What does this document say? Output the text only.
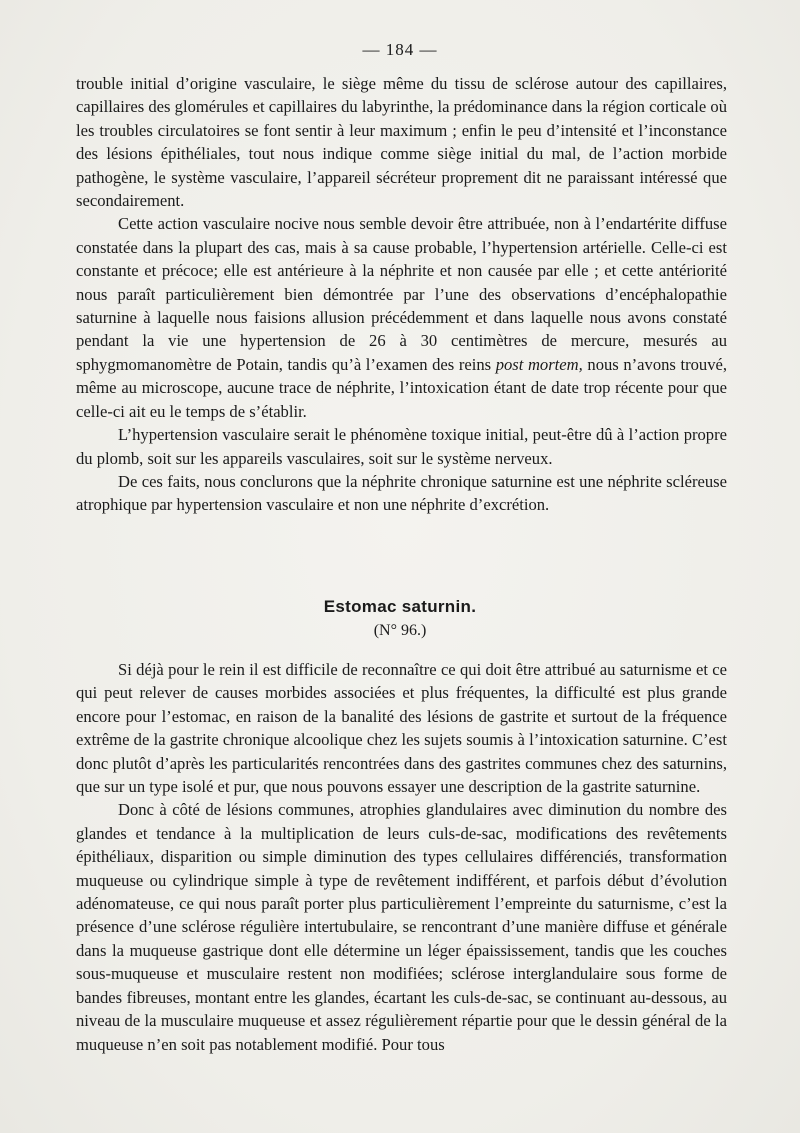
— 184 —

trouble initial d’origine vasculaire, le siège même du tissu de sclérose autour des capillaires, capillaires des glomérules et capillaires du labyrinthe, la prédominance dans la région corticale où les troubles circulatoires se font sentir à leur maximum ; enfin le peu d’intensité et l’inconstance des lésions épithéliales, tout nous indique comme siège initial du mal, de l’action morbide pathogène, le système vasculaire, l’appareil sécréteur proprement dit ne paraissant intéressé que secondairement.

Cette action vasculaire nocive nous semble devoir être attribuée, non à l’endartérite diffuse constatée dans la plupart des cas, mais à sa cause probable, l’hypertension artérielle. Celle-ci est constante et précoce; elle est antérieure à la néphrite et non causée par elle ; et cette antériorité nous paraît particulièrement bien démontrée par l’une des observations d’encéphalopathie saturnine à laquelle nous faisions allusion précédemment et dans laquelle nous avons constaté pendant la vie une hypertension de 26 à 30 centimètres de mercure, mesurés au sphygmomanomètre de Potain, tandis qu’à l’examen des reins post mortem, nous n’avons trouvé, même au microscope, aucune trace de néphrite, l’intoxication étant de date trop récente pour que celle-ci ait eu le temps de s’établir.

L’hypertension vasculaire serait le phénomène toxique initial, peut-être dû à l’action propre du plomb, soit sur les appareils vasculaires, soit sur le système nerveux.

De ces faits, nous conclurons que la néphrite chronique saturnine est une néphrite scléreuse atrophique par hypertension vasculaire et non une néphrite d’excrétion.

Estomac saturnin.
(N° 96.)

Si déjà pour le rein il est difficile de reconnaître ce qui doit être attribué au saturnisme et ce qui peut relever de causes morbides associées et plus fréquentes, la difficulté est plus grande encore pour l’estomac, en raison de la banalité des lésions de gastrite et surtout de la fréquence extrême de la gastrite chronique alcoolique chez les sujets soumis à l’intoxication saturnine. C’est donc plutôt d’après les particularités rencontrées dans des gastrites communes chez des saturnins, que sur un type isolé et pur, que nous pouvons essayer une description de la gastrite saturnine.

Donc à côté de lésions communes, atrophies glandulaires avec diminution du nombre des glandes et tendance à la multiplication de leurs culs-de-sac, modifications des revêtements épithéliaux, disparition ou simple diminution des types cellulaires différenciés, transformation muqueuse ou cylindrique simple à type de revêtement indifférent, et parfois début d’évolution adénomateuse, ce qui nous paraît porter plus particulièrement l’empreinte du saturnisme, c’est la présence d’une sclérose régulière intertubulaire, se rencontrant d’une manière diffuse et générale dans la muqueuse gastrique dont elle détermine un léger épaississement, tandis que les couches sous-muqueuse et musculaire restent non modifiées; sclérose interglandulaire sous forme de bandes fibreuses, montant entre les glandes, écartant les culs-de-sac, se continuant au-dessous, au niveau de la musculaire muqueuse et assez régulièrement répartie pour que le dessin général de la muqueuse n’en soit pas notablement modifié. Pour tous
